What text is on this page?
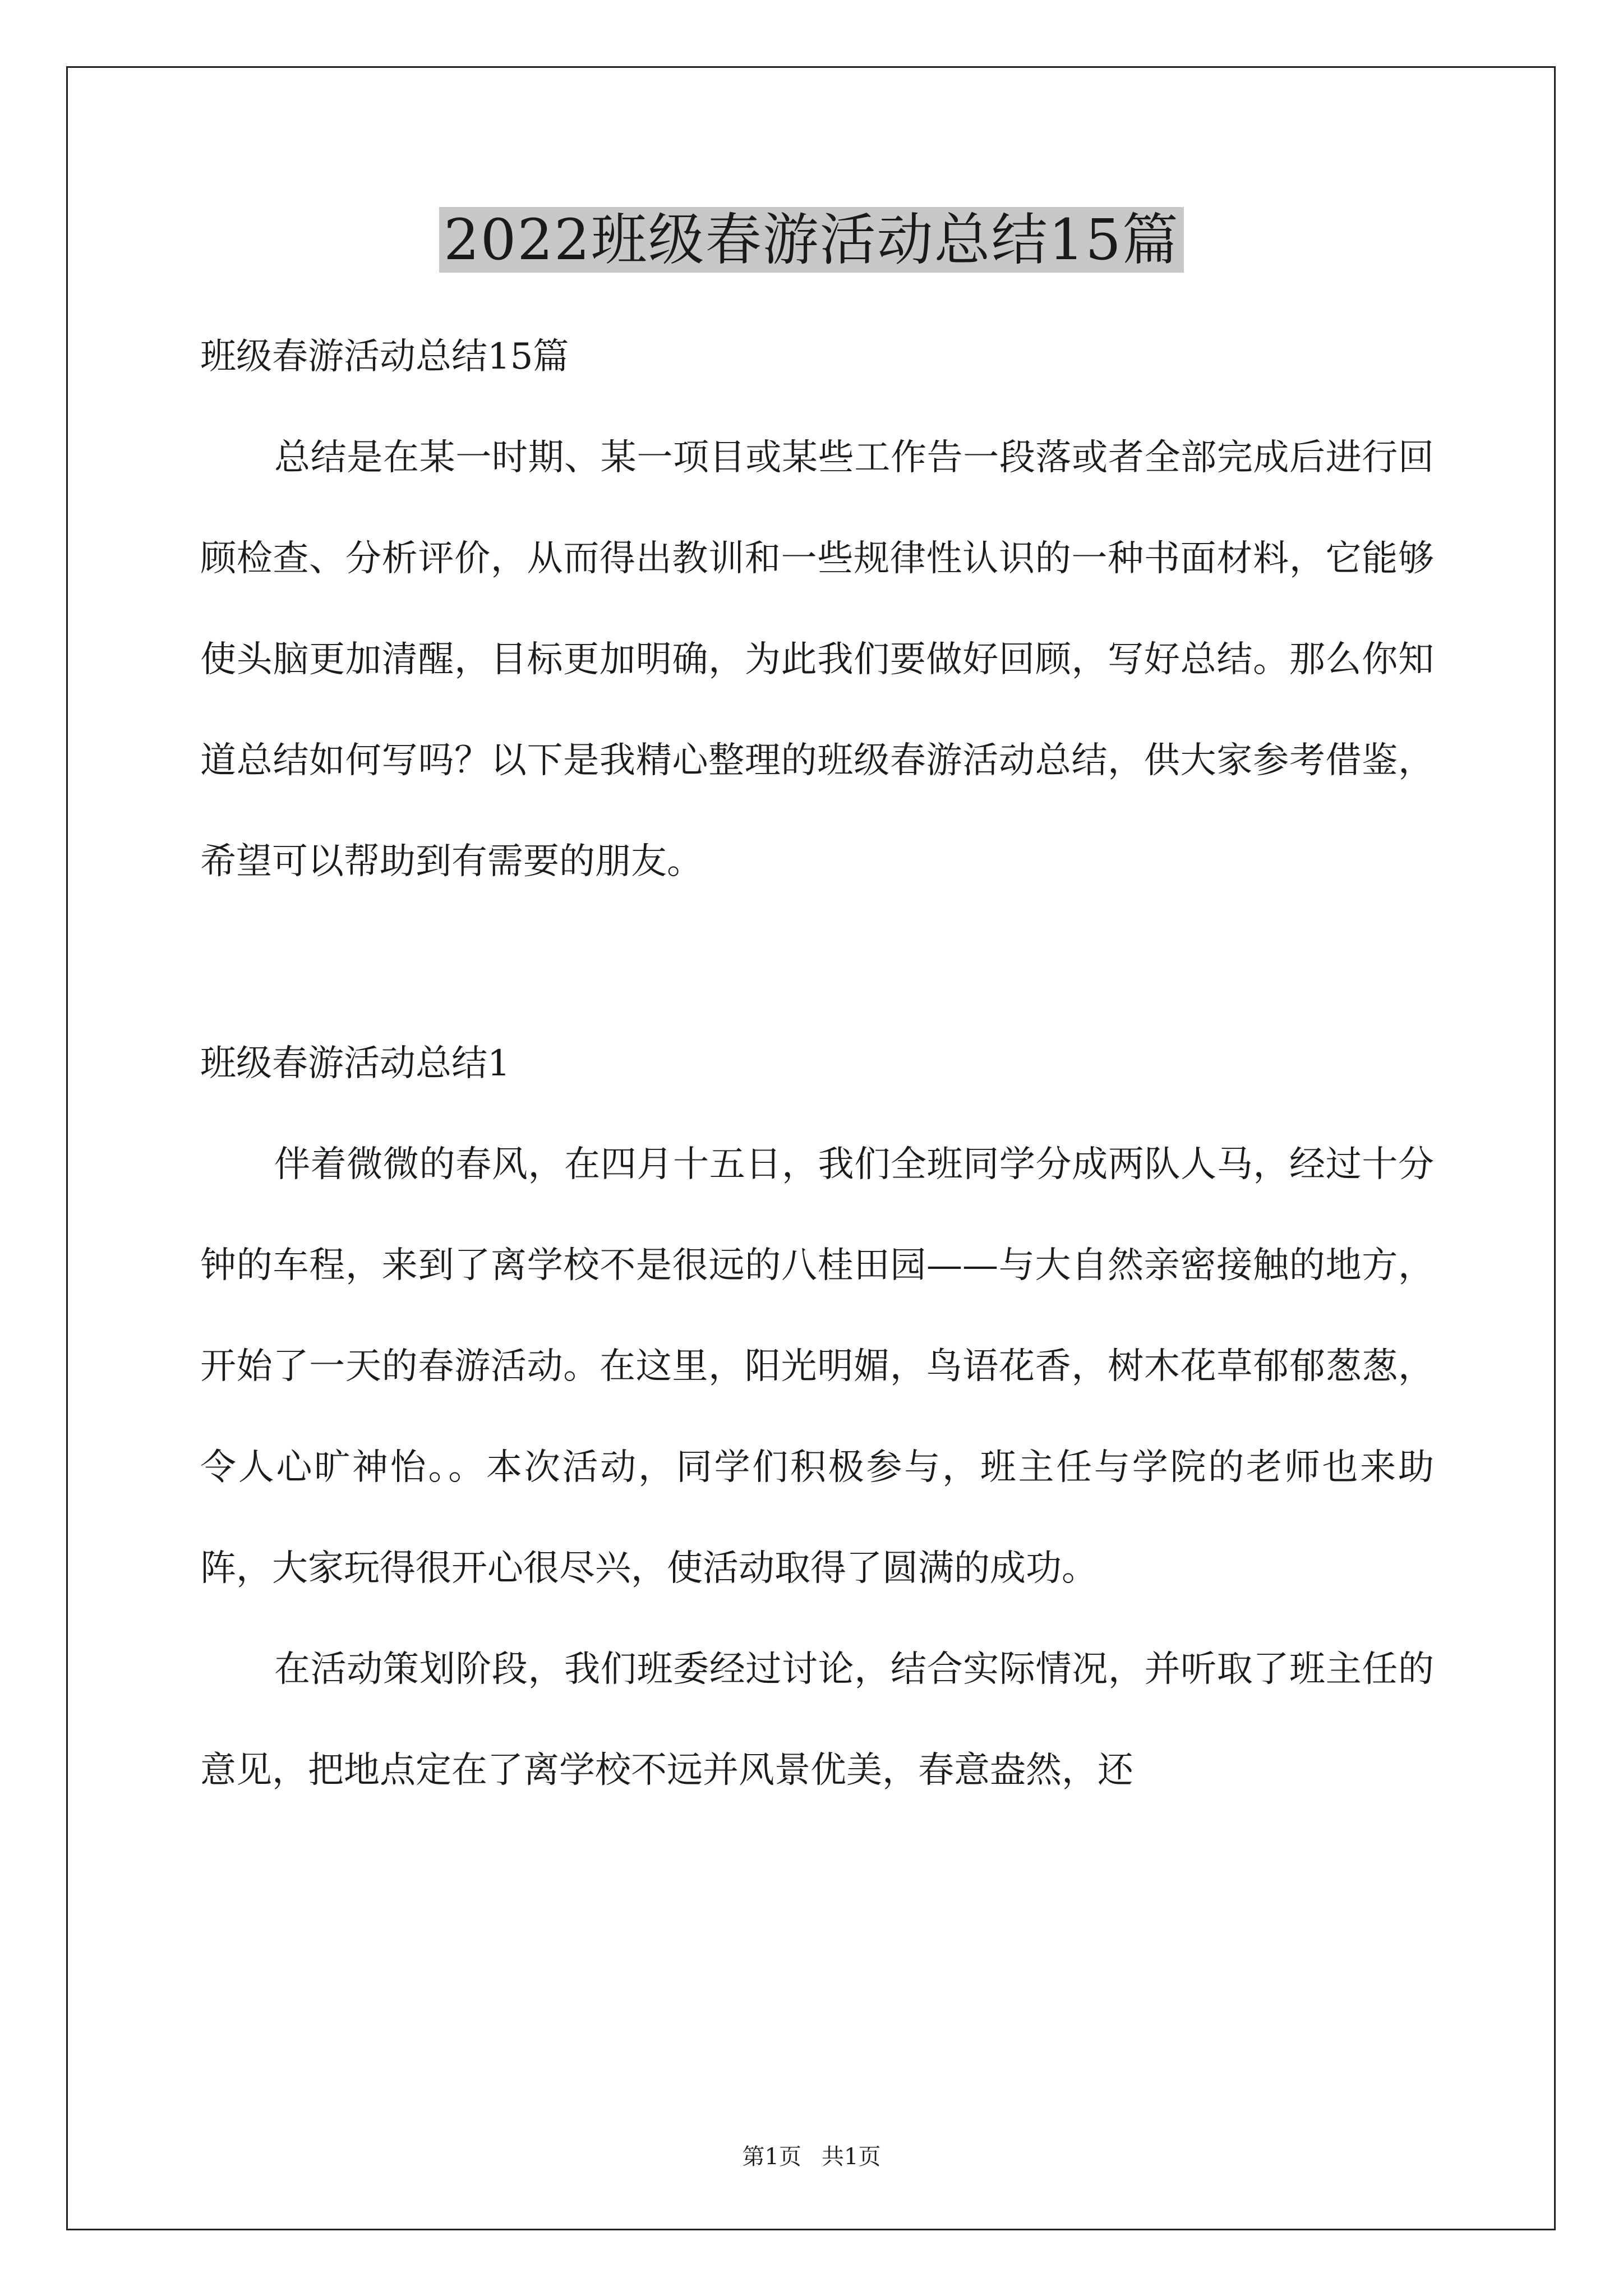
2022班级春游活动总结15篇

班级春游活动总结15篇

总结是在某一时期、某一项目或某些工作告一段落或者全部完成后进行回顾检查、分析评价，从而得出教训和一些规律性认识的一种书面材料，它能够使头脑更加清醒，目标更加明确，为此我们要做好回顾，写好总结。那么你知道总结如何写吗？以下是我精心整理的班级春游活动总结，供大家参考借鉴，希望可以帮助到有需要的朋友。

班级春游活动总结1

伴着微微的春风，在四月十五日，我们全班同学分成两队人马，经过十分钟的车程，来到了离学校不是很远的八桂田园——与大自然亲密接触的地方，开始了一天的春游活动。在这里，阳光明媚，鸟语花香，树木花草郁郁葱葱，令人心旷神怡。。本次活动，同学们积极参与，班主任与学院的老师也来助阵，大家玩得很开心很尽兴，使活动取得了圆满的成功。

在活动策划阶段，我们班委经过讨论，结合实际情况，并听取了班主任的意见，把地点定在了离学校不远并风景优美，春意盎然，还

第1页 共1页
